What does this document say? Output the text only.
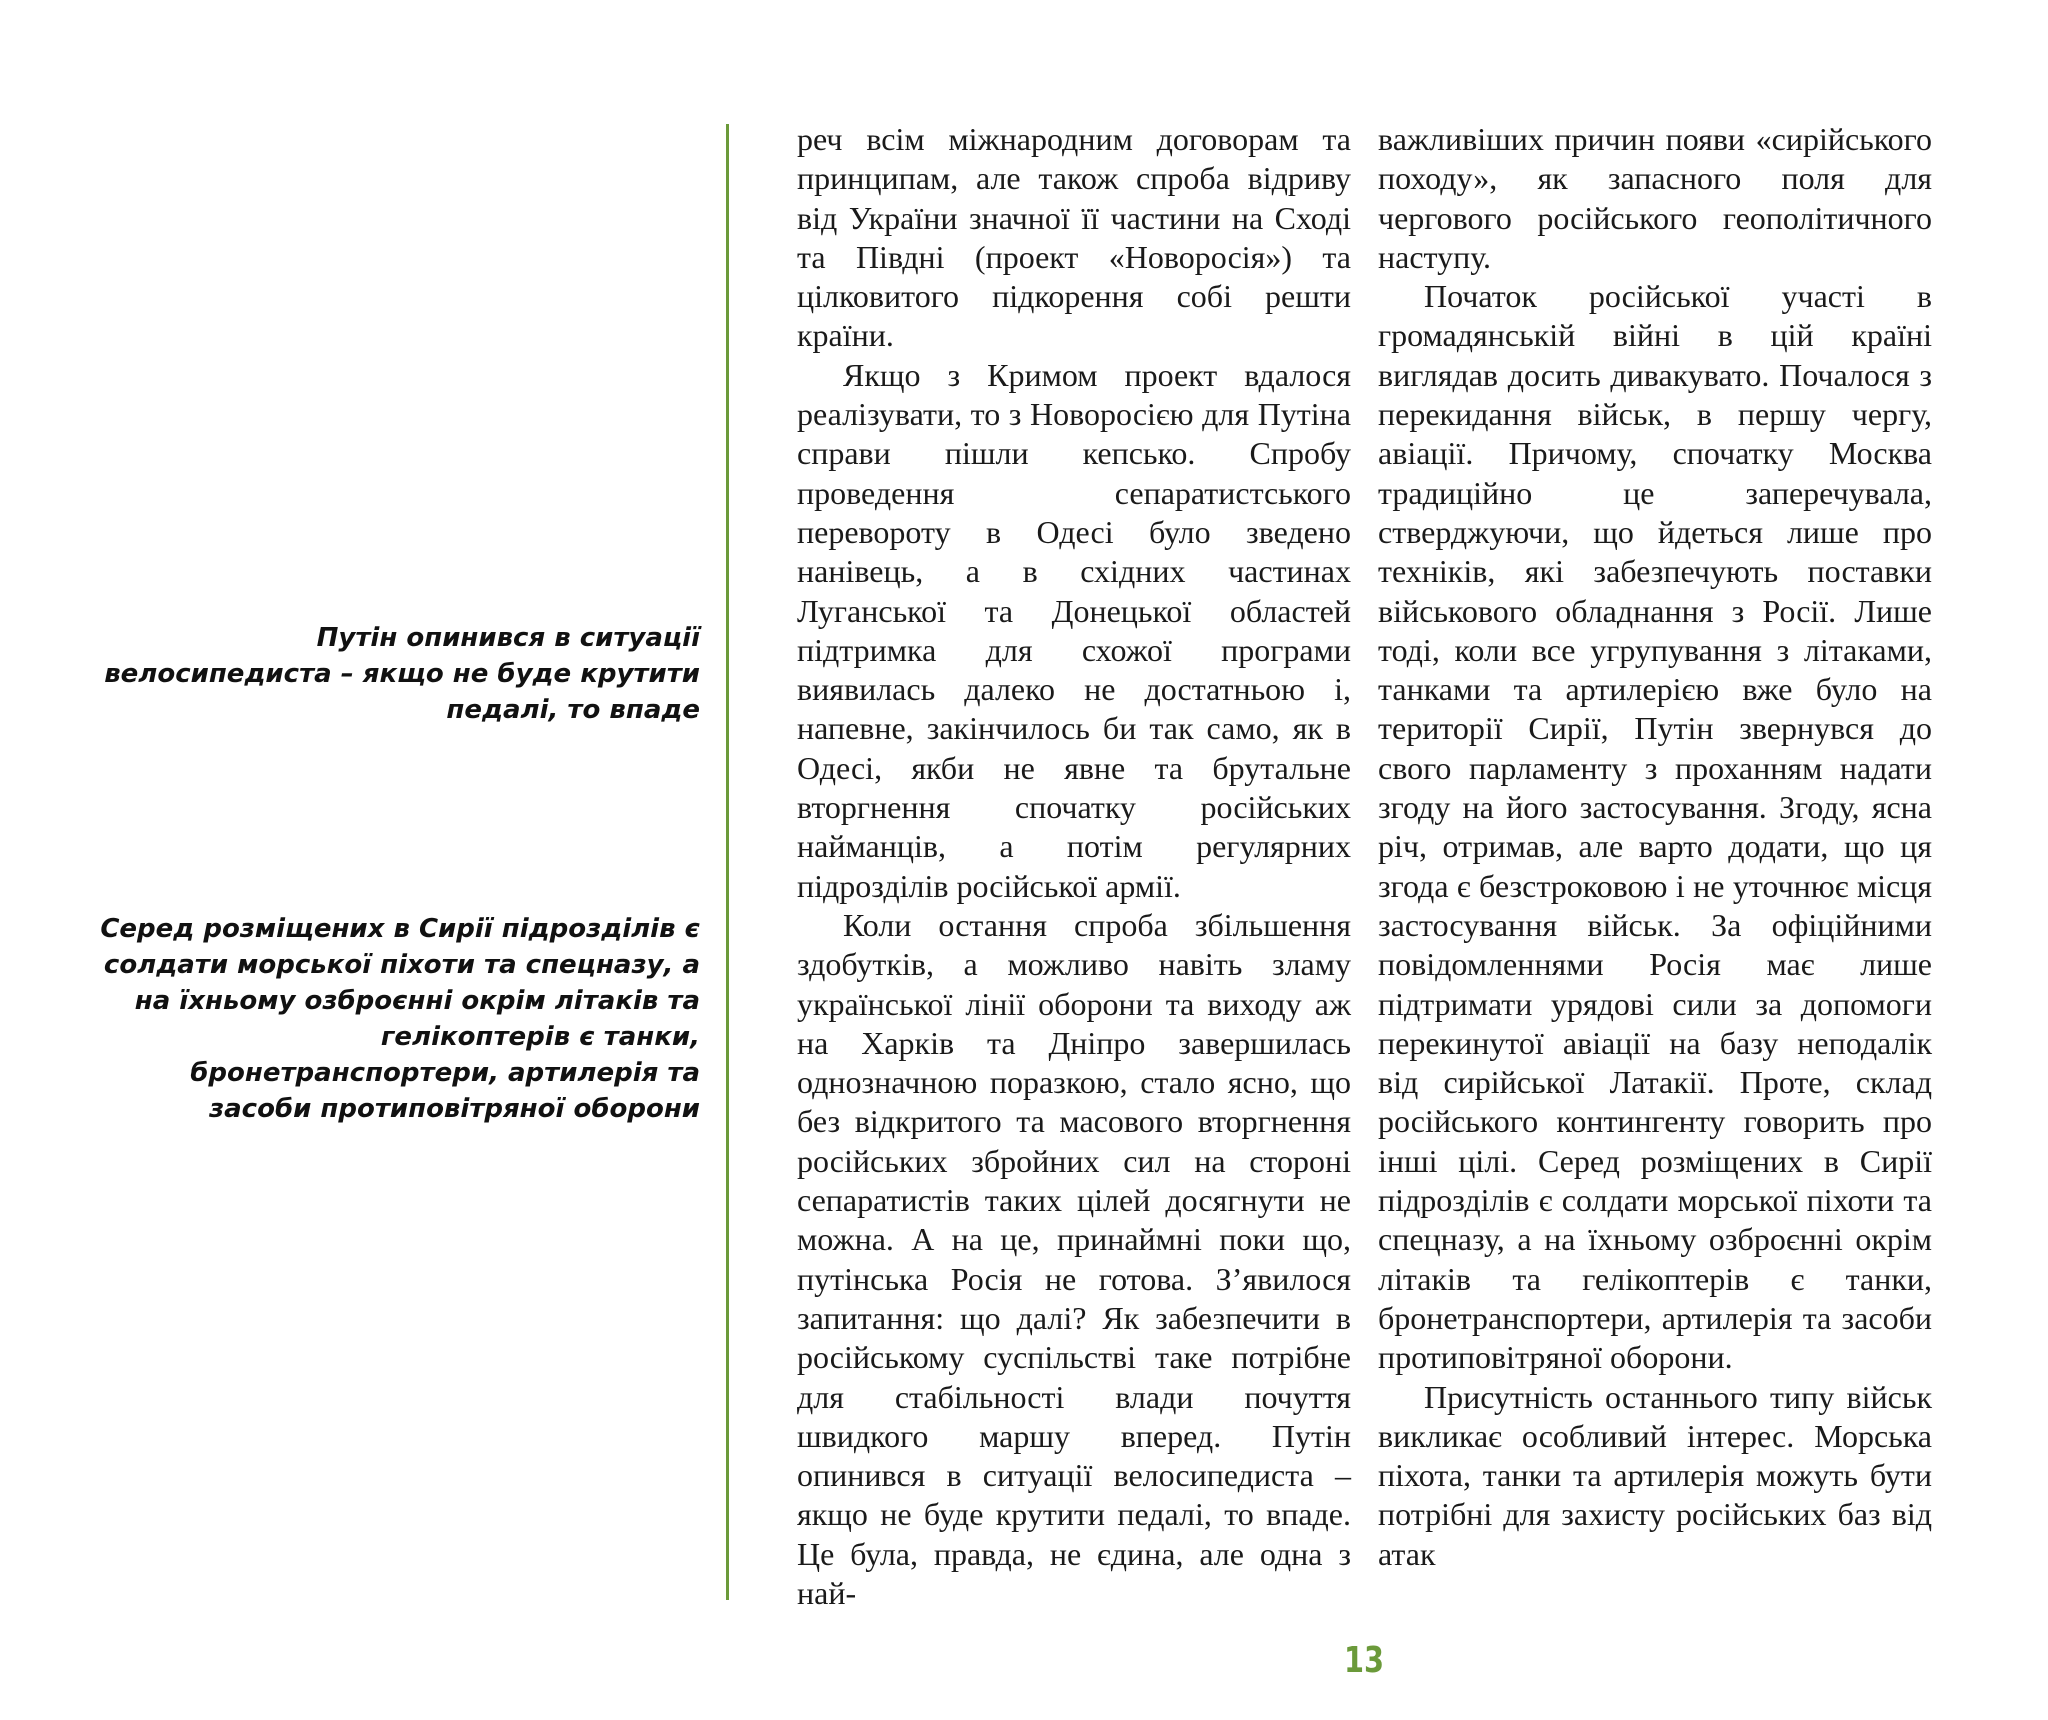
Путін опинився в ситуації велосипедиста – якщо не буде крутити педалі, то впаде

Серед розміщених в Сирії підрозділів є солдати морської піхоти та спецназу, а на їхньому озброєнні окрім літаків та гелікоптерів є танки, бронетранспортери, артилерія та засоби протиповітряної оборони

реч всім міжнародним договорам та принципам, але також спроба відриву від України значної її частини на Сході та Півдні (проект «Новоросія») та цілковитого підкорення собі решти країни.

Якщо з Кримом проект вдалося реалізувати, то з Новоросією для Путіна справи пішли кепсько. Спробу проведення сепаратистського перевороту в Одесі було зведено нанівець, а в східних частинах Луганської та Донецької областей підтримка для схожої програми виявилась далеко не достатньою і, напевне, закінчилось би так само, як в Одесі, якби не явне та брутальне вторгнення спочатку російських найманців, а потім регулярних підрозділів російської армії.

Коли остання спроба збільшення здобутків, а можливо навіть зламу української лінії оборони та виходу аж на Харків та Дніпро завершилась однозначною поразкою, стало ясно, що без відкритого та масового вторгнення російських збройних сил на стороні сепаратистів таких цілей досягнути не можна. А на це, принаймні поки що, путінська Росія не готова. З’явилося запитання: що далі? Як забезпечити в російському суспільстві таке потрібне для стабільності влади почуття швидкого маршу вперед. Путін опинився в ситуації велосипедиста – якщо не буде крутити педалі, то впаде. Це була, правда, не єдина, але одна з най-

важливіших причин появи «сирійського походу», як запасного поля для чергового російського геополітичного наступу.

Початок російської участі в громадянській війні в цій країні виглядав досить дивакувато. Почалося з перекидання військ, в першу чергу, авіації. Причому, спочатку Москва традиційно це заперечувала, стверджуючи, що йдеться лише про техніків, які забезпечують поставки військового обладнання з Росії. Лише тоді, коли все угрупування з літаками, танками та артилерією вже було на території Сирії, Путін звернувся до свого парламенту з проханням надати згоду на його застосування. Згоду, ясна річ, отримав, але варто додати, що ця згода є безстроковою і не уточнює місця застосування військ. За офіційними повідомленнями Росія має лише підтримати урядові сили за допомоги перекинутої авіації на базу неподалік від сирійської Латакії. Проте, склад російського контингенту говорить про інші цілі. Серед розміщених в Сирії підрозділів є солдати морської піхоти та спецназу, а на їхньому озброєнні окрім літаків та гелікоптерів є танки, бронетранспортери, артилерія та засоби протиповітряної оборони.

Присутність останнього типу військ викликає особливий інтерес. Морська піхота, танки та артилерія можуть бути потрібні для захисту російських баз від атак

13
